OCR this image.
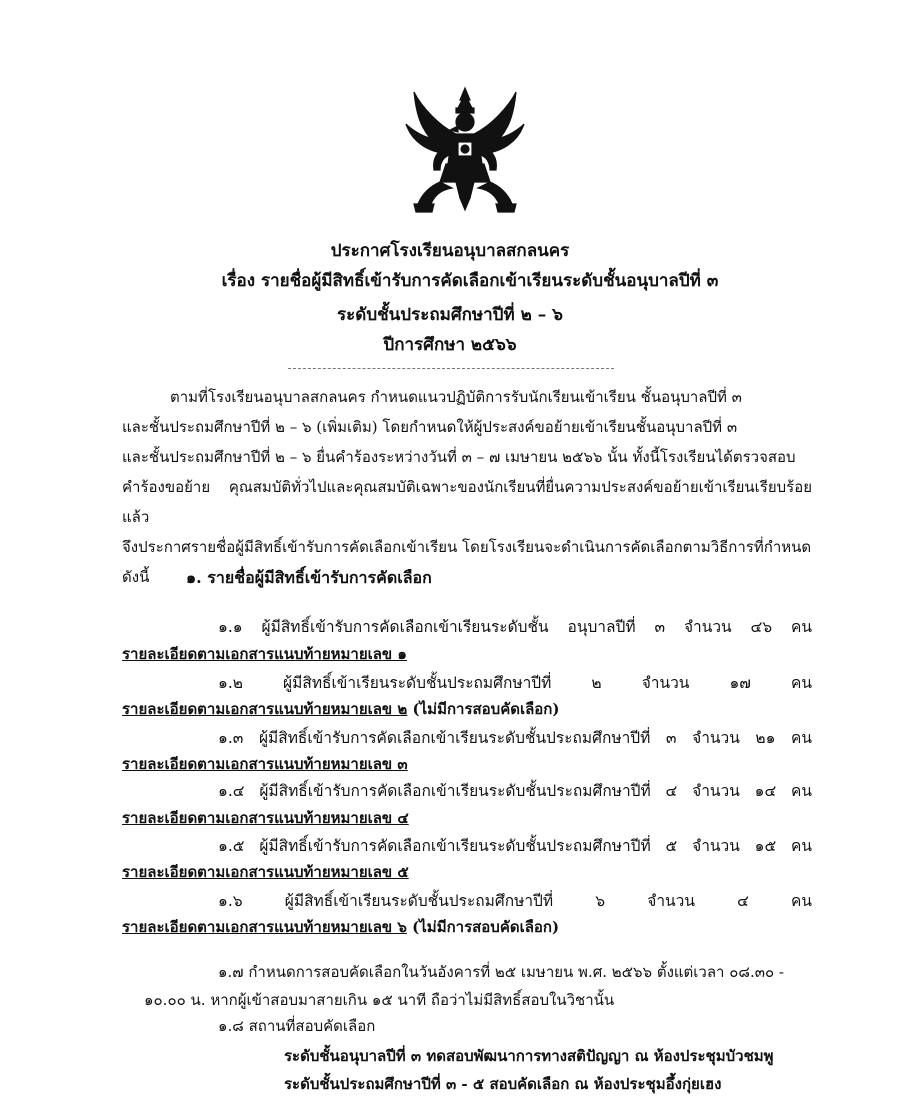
ประกาศโรงเรียนอนุบาลสกลนคร
เรื่อง รายชื่อผู้มีสิทธิ์เข้ารับการคัดเลือกเข้าเรียนระดับชั้นอนุบาลปีที่ ๓
ระดับชั้นประถมศึกษาปีที่ ๒ – ๖
ปีการศึกษา ๒๕๖๖
ตามที่โรงเรียนอนุบาลสกลนคร กำหนดแนวปฏิบัติการรับนักเรียนเข้าเรียน ชั้นอนุบาลปีที่ ๓
และชั้นประถมศึกษาปีที่ ๒ – ๖ (เพิ่มเติม) โดยกำหนดให้ผู้ประสงค์ขอย้ายเข้าเรียนชั้นอนุบาลปีที่ ๓
และชั้นประถมศึกษาปีที่ ๒ – ๖ ยื่นคำร้องระหว่างวันที่ ๓ – ๗ เมษายน ๒๕๖๖ นั้น ทั้งนี้โรงเรียนได้ตรวจสอบ
คำร้องขอย้าย คุณสมบัติทั่วไปและคุณสมบัติเฉพาะของนักเรียนที่ยื่นความประสงค์ขอย้ายเข้าเรียนเรียบร้อยแล้ว
จึงประกาศรายชื่อผู้มีสิทธิ์เข้ารับการคัดเลือกเข้าเรียน โดยโรงเรียนจะดำเนินการคัดเลือกตามวิธีการที่กำหนด
ดังนี้	๑. รายชื่อผู้มีสิทธิ์เข้ารับการคัดเลือก
๑.๑ ผู้มีสิทธิ์เข้ารับการคัดเลือกเข้าเรียนระดับชั้น อนุบาลปีที่ ๓ จำนวน ๔๖ คน
รายละเอียดตามเอกสารแนบท้ายหมายเลข ๑
๑.๒ ผู้มีสิทธิ์เข้าเรียนระดับชั้นประถมศึกษาปีที่ ๒ จำนวน ๑๗ คน
รายละเอียดตามเอกสารแนบท้ายหมายเลข ๒ (ไม่มีการสอบคัดเลือก)
๑.๓ ผู้มีสิทธิ์เข้ารับการคัดเลือกเข้าเรียนระดับชั้นประถมศึกษาปีที่ ๓ จำนวน ๒๑ คน
รายละเอียดตามเอกสารแนบท้ายหมายเลข ๓
๑.๔ ผู้มีสิทธิ์เข้ารับการคัดเลือกเข้าเรียนระดับชั้นประถมศึกษาปีที่ ๔ จำนวน ๑๔ คน
รายละเอียดตามเอกสารแนบท้ายหมายเลข ๔
๑.๕ ผู้มีสิทธิ์เข้ารับการคัดเลือกเข้าเรียนระดับชั้นประถมศึกษาปีที่ ๕ จำนวน ๑๕ คน
รายละเอียดตามเอกสารแนบท้ายหมายเลข ๕
๑.๖ ผู้มีสิทธิ์เข้าเรียนระดับชั้นประถมศึกษาปีที่ ๖ จำนวน ๔ คน
รายละเอียดตามเอกสารแนบท้ายหมายเลข ๖ (ไม่มีการสอบคัดเลือก)
๑.๗ กำหนดการสอบคัดเลือกในวันอังคารที่ ๒๕ เมษายน พ.ศ. ๒๕๖๖ ตั้งแต่เวลา ๐๘.๓๐ -
๑๐.๐๐ น. หากผู้เข้าสอบมาสายเกิน ๑๕ นาที ถือว่าไม่มีสิทธิ์สอบในวิชานั้น
๑.๘ สถานที่สอบคัดเลือก
ระดับชั้นอนุบาลปีที่ ๓ ทดสอบพัฒนาการทางสติปัญญา ณ ห้องประชุมบัวชมพู
ระดับชั้นประถมศึกษาปีที่ ๓ - ๕ สอบคัดเลือก ณ ห้องประชุมอึ้งกุ่ยเฮง
